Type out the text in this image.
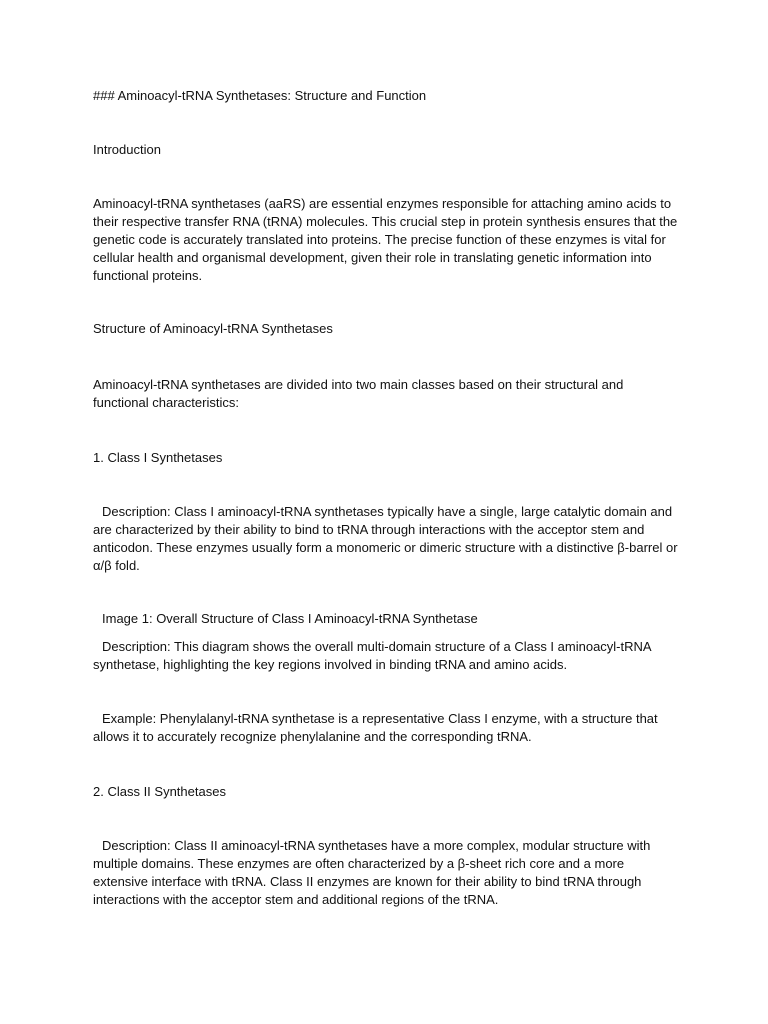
### Aminoacyl-tRNA Synthetases: Structure and Function

Introduction

Aminoacyl-tRNA synthetases (aaRS) are essential enzymes responsible for attaching amino acids to their respective transfer RNA (tRNA) molecules. This crucial step in protein synthesis ensures that the genetic code is accurately translated into proteins. The precise function of these enzymes is vital for cellular health and organismal development, given their role in translating genetic information into functional proteins.

Structure of Aminoacyl-tRNA Synthetases

Aminoacyl-tRNA synthetases are divided into two main classes based on their structural and functional characteristics:

1. Class I Synthetases

Description: Class I aminoacyl-tRNA synthetases typically have a single, large catalytic domain and are characterized by their ability to bind to tRNA through interactions with the acceptor stem and anticodon. These enzymes usually form a monomeric or dimeric structure with a distinctive β-barrel or α/β fold.

Image 1: Overall Structure of Class I Aminoacyl-tRNA Synthetase

Description: This diagram shows the overall multi-domain structure of a Class I aminoacyl-tRNA synthetase, highlighting the key regions involved in binding tRNA and amino acids.

Example: Phenylalanyl-tRNA synthetase is a representative Class I enzyme, with a structure that allows it to accurately recognize phenylalanine and the corresponding tRNA.

2. Class II Synthetases

Description: Class II aminoacyl-tRNA synthetases have a more complex, modular structure with multiple domains. These enzymes are often characterized by a β-sheet rich core and a more extensive interface with tRNA. Class II enzymes are known for their ability to bind tRNA through interactions with the acceptor stem and additional regions of the tRNA.
